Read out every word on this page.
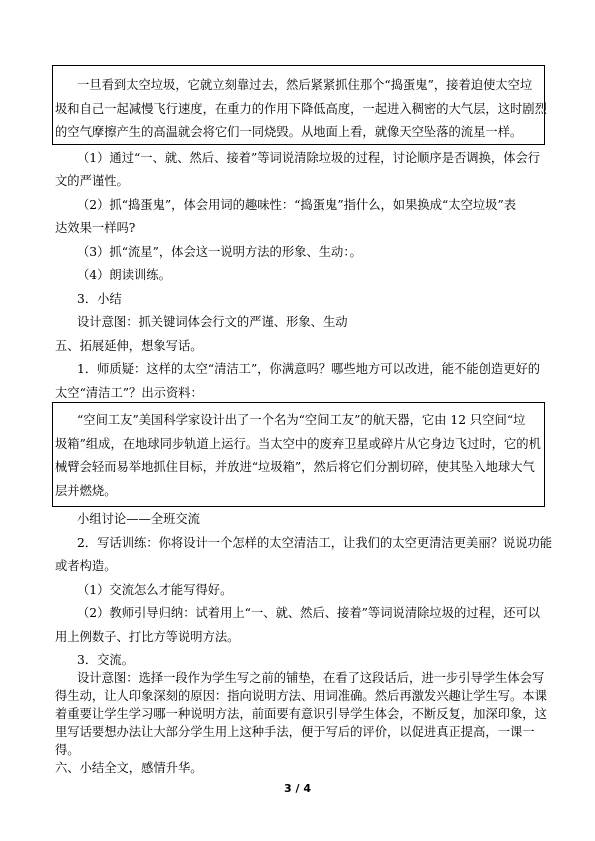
一旦看到太空垃圾，它就立刻靠过去，然后紧紧抓住那个“捣蛋鬼”，接着迫使太空垃
圾和自己一起减慢飞行速度，在重力的作用下降低高度，一起进入稠密的大气层，这时剧烈
的空气摩擦产生的高温就会将它们一同烧毁。从地面上看，就像天空坠落的流星一样。
（1）通过“一、就、然后、接着”等词说清除垃圾的过程，讨论顺序是否调换，体会行
文的严谨性。
（2）抓“捣蛋鬼”，体会用词的趣味性：“捣蛋鬼”指什么，如果换成“太空垃圾”表
达效果一样吗?
（3）抓“流星”，体会这一说明方法的形象、生动：。
（4）朗读训练。
3．小结
设计意图：抓关键词体会行文的严谨、形象、生动
五、拓展延伸，想象写话。
1．师质疑：这样的太空“清洁工”，你满意吗？哪些地方可以改进，能不能创造更好的
太空“清洁工”？出示资料：
“空间工友”美国科学家设计出了一个名为“空间工友”的航天器，它由 12 只空间“垃
圾箱”组成，在地球同步轨道上运行。当太空中的废弃卫星或碎片从它身边飞过时，它的机
械臂会轻而易举地抓住目标，并放进“垃圾箱”，然后将它们分割切碎，使其坠入地球大气
层并燃烧。
小组讨论——全班交流
2．写话训练：你将设计一个怎样的太空清洁工，让我们的太空更清洁更美丽？说说功能
或者构造。
（1）交流怎么才能写得好。
（2）教师引导归纳：试着用上“一、就、然后、接着”等词说清除垃圾的过程，还可以
用上例数子、打比方等说明方法。
3．交流。
设计意图：选择一段作为学生写之前的铺垫，在看了这段话后，进一步引导学生体会写
得生动，让人印象深刻的原因：指向说明方法、用词准确。然后再激发兴趣让学生写。本课
着重要让学生学习哪一种说明方法，前面要有意识引导学生体会，不断反复，加深印象，这
里写话要想办法让大部分学生用上这种手法，便于写后的评价，以促进真正提高，一课一
得。
六、小结全文，感情升华。
3 / 4
